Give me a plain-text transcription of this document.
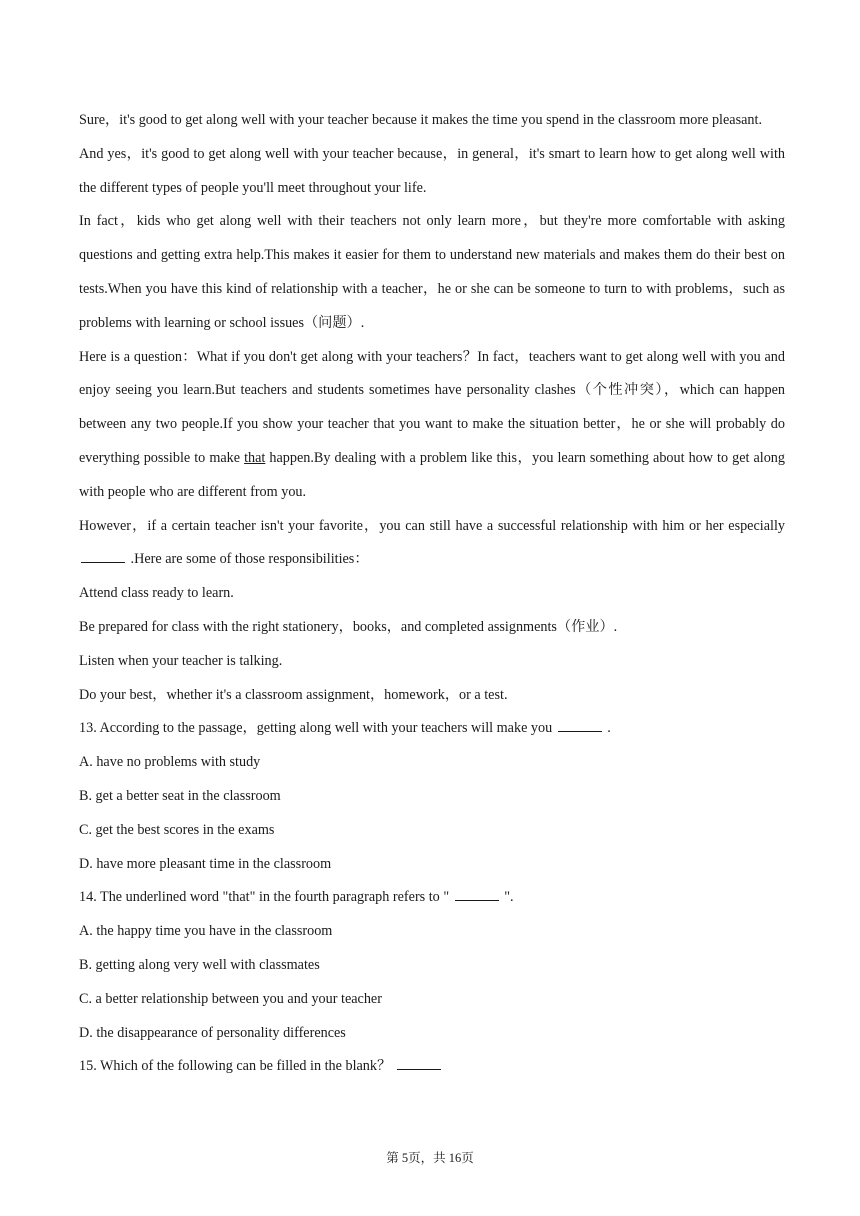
Sure，it's good to get along well with your teacher because it makes the time you spend in the classroom more pleasant.

And yes，it's good to get along well with your teacher because，in general，it's smart to learn how to get along well with the different types of people you'll meet throughout your life.

In fact，kids who get along well with their teachers not only learn more，but they're more comfortable with asking questions and getting extra help.This makes it easier for them to understand new materials and makes them do their best on tests.When you have this kind of relationship with a teacher，he or she can be someone to turn to with problems，such as problems with learning or school issues（问题）.

Here is a question：What if you don't get along with your teachers？In fact，teachers want to get along well with you and enjoy seeing you learn.But teachers and students sometimes have personality clashes（个性冲突），which can happen between any two people.If you show your teacher that you want to make the situation better，he or she will probably do everything possible to make that happen.By dealing with a problem like this，you learn something about how to get along with people who are different from you.

However，if a certain teacher isn't your favorite，you can still have a successful relationship with him or her especially  .Here are some of those responsibilities：

Attend class ready to learn.

Be prepared for class with the right stationery，books，and completed assignments（作业）.

Listen when your teacher is talking.

Do your best，whether it's a classroom assignment，homework，or a test.

13. According to the passage，getting along well with your teachers will make you	.

A. have no problems with study

B. get a better seat in the classroom

C. get the best scores in the exams

D. have more pleasant time in the classroom

14. The underlined word "that" in the fourth paragraph refers to "	".

A. the happy time you have in the classroom

B. getting along very well with classmates

C. a better relationship between you and your teacher

D. the disappearance of personality differences

15. Which of the following can be filled in the blank？

第 5页，共 16页
